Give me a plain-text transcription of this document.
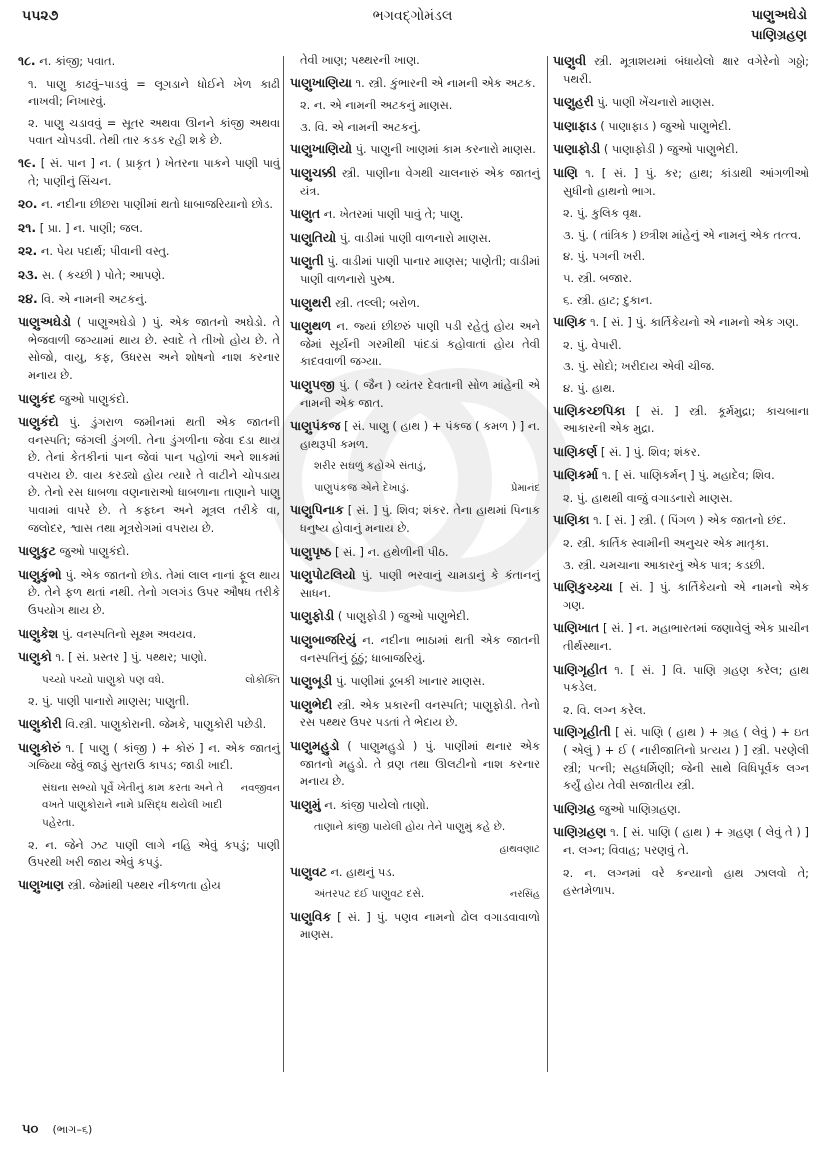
૫૫૨૭	ભગવદ્ગોમંડલ	પાણુઅઘેડો
પાણિગ્રહણ
૧૮. ન. કાંજી; પવાત.
૧. પાણુ કાઢવું–પાડવું = લૂગડાને ધોઈને ખેળ કાઢી નાખવી; નિખારવું.
૨. પાણુ ચડાવવું = સૂતર અથવા ઊનને કાંજી અથવા પવાત ચોપડવી. તેથી તાર કડક રહી શકે છે.
૧૯. [ સં. પાન ] ન. ( પ્રાકૃત ) ખેતરના પાકને પાણી પાવું તે; પાણીનું સિંચન.
૨૦. ન. નદીના છીછરા પાણીમાં થતો ધાબાજરિયાનો છોડ.
૨૧. [ પ્રા. ] ન. પાણી; જલ.
૨૨. ન. પેય પદાર્થ; પીવાની વસ્તુ.
૨૩. સ. ( કચ્છી ) પોતે; આપણે.
૨૪. વિ. એ નામની અટકનું.
પાણુઅઘેડો ( પાણુઅઘેડો ) પું. એક જાતનો અઘેડો. તે ભેજવાળી જગ્યામાં થાય છે. સ્વાદે તે તીખો હોય છે. તે સોજો, વાયુ, કફ, ઉધરસ અને શોષનો નાશ કરનાર મનાય છે.
પાણુકંદ જુઓ પાણુકંદો.
પાણુકંદો પું. ડુંગરાળ જમીનમાં થતી એક જાતની વનસ્પતિ; જંગલી ડુંગળી. તેના ડુંગળીના જેવા દડા થાય છે. તેનાં કેતકીનાં પાન જેવાં પાન પહોળાં અને શાકમાં વપરાય છે. વાય કરડ્યો હોય ત્યારે તે વાટીને ચોપડાય છે. તેનો રસ ધાબળા વણનારાઓ ધાબળાના તાણાને પાણુ પાવામાં વાપરે છે. તે કફઘ્ન અને મૂત્રલ તરીકે વા, જલોદર, શ્વાસ તથા મૂત્રરોગમાં વપરાય છે.
પાણુકુટ જુઓ પાણુકંદો.
પાણુકુંભો પું. એક જાતનો છોડ. તેમાં લાલ નાનાં ફૂલ થાય છે. તેને ફળ થતાં નથી. તેનો ગલગંડ ઉપર ઔષધ તરીકે ઉપયોગ થાય છે.
પાણુકેશ પું. વનસ્પતિનો સૂક્ષ્મ અવયવ.
પાણુકો ૧. [ સં. પ્રસ્તર ] પું. પથ્થર; પાણો.
પચ્યો પચ્યો પાણુકો પણ વધે.	લોકોક્તિ
૨. પું. પાણી પાનારો માણસ; પાણુતી.
પાણુકોરી વિ.સ્ત્રી. પાણુકોરાની. જેમકે, પાણુકોરી પછેડી.
પાણુકોરું ૧. [ પાણુ ( કાંજી ) + કોરું ] ન. એક જાતનું ગજિયા જેવું જાડું સુતરાઉ કાપડ; જાડી ખાદી.
સંઘના સભ્યો પૂર્વે ખેતીનું કામ કરતા અને તે વખતે પાણુકોરાને નામે પ્રસિદ્ધ થયેલી ખાદી પહેરતા.
નવજીવન
૨. ન. જેને ઝટ પાણી લાગે નહિ એવું કપડું; પાણી ઉપરથી ખરી જાય એવું કપડું.
પાણુખાણ સ્ત્રી. જેમાંથી પથ્થર નીકળતા હોય
તેવી ખાણ; પથ્થરની ખાણ.
પાણુખાણિયા ૧. સ્ત્રી. કુંભારની એ નામની એક અટક.
૨. ન. એ નામની અટકનું માણસ.
૩. વિ. એ નામની અટકનું.
પાણુખાણિયો પું. પાણુની ખાણમાં કામ કરનારો માણસ.
પાણુચક્કી સ્ત્રી. પાણીના વેગથી ચાલનારું એક જાતનું યંત્ર.
પાણુત ન. ખેતરમાં પાણી પાવું તે; પાણુ.
પાણુતિયો પું. વાડીમાં પાણી વાળનારો માણસ.
પાણુતી પું. વાડીમાં પાણી પાનાર માણસ; પાણેતી; વાડીમાં પાણી વાળનારો પુરુષ.
પાણુથરી સ્ત્રી. તલ્લી; બરોળ.
પાણુથળ ન. જ્યાં છીછરું પાણી પડી રહેતું હોય અને જેમાં સૂર્યની ગરમીથી પાંદડાં કહોવાતાં હોય તેવી કાદવવાળી જગ્યા.
પાણુપજી પું. ( જૈન ) વ્યંતર દેવતાની સોળ માંહેની એ નામની એક જાત.
પાણુપંકજ [ સં. પાણુ ( હાથ ) + પંકજ ( કમળ ) ] ન. હાથરૂપી કમળ.
શરીર સઘળું કહોએ સંતાડું,
પાણુપંકજ એને દેખાડું.	પ્રેમાનંદ
પાણુપિનાક [ સં. ] પું. શિવ; શંકર. તેના હાથમાં પિનાક ધનુષ્ય હોવાનું મનાય છે.
પાણુપૃષ્ઠ [ સં. ] ન. હથેળીની પીઠ.
પાણુપોટલિયો પું. પાણી ભરવાનું ચામડાનું કે કંતાનનું સાધન.
પાણુફોડી ( પાણુફોડી ) જુઓ પાણુભેદી.
પાણુબાજરિયું ન. નદીના ભાઠામાં થતી એક જાતની વનસ્પતિનું ઠૂંઠું; ધાબાજરિયું.
પાણુબૂડી પું. પાણીમાં ડૂબકી ખાનાર માણસ.
પાણુભેદી સ્ત્રી. એક પ્રકારની વનસ્પતિ; પાણુફોડી. તેનો રસ પથ્થર ઉપર પડતાં તે ભેદાય છે.
પાણુમહુડો ( પાણુમહુડો ) પું. પાણીમાં થનાર એક જાતનો મહુડો. તે વ્રણ તથા ઊલટીનો નાશ કરનાર મનાય છે.
પાણુમું ન. કાંજી પાયેલો તાણો.
તાણાને કાંજી પાયેલી હોય તેને પાણુમું કહે છે.
હાથવણાટ
પાણુવટ ન. હાથનું પડ.
અંતરપટ દઈ પાણુવટ દસે.	નરસિંહ
પાણુવિક [ સં. ] પું. પણવ નામનો ઢોલ વગાડવાવાળો માણસ.
પાણુવી સ્ત્રી. મૂત્રાશયમાં બંધાયેલો ક્ષાર વગેરેનો ગઠ્ઠો; પથરી.
પાણુહરી પું. પાણી ખેંચનારો માણસ.
પાણાફાડ ( પાણાફાડ ) જુઓ પાણુભેદી.
પાણાફોડી ( પાણાફોડી ) જુઓ પાણુભેદી.
પાણિ ૧. [ સં. ] પું. કર; હાથ; કાંડાથી આંગળીઓ સુધીનો હાથનો ભાગ.
૨. પું. કુલિક વૃક્ષ.
૩. પું. ( તાંત્રિક ) છત્રીશ માંહેનું એ નામનું એક તત્ત્વ.
૪. પું. પગની ખરી.
૫. સ્ત્રી. બજાર.
૬. સ્ત્રી. હાટ; દુકાન.
પાણિક ૧. [ સં. ] પું. કાર્તિકેયનો એ નામનો એક ગણ.
૨. પું. વેપારી.
૩. પું. સોદો; ખરીદાય એવી ચીજ.
૪. પું. હાથ.
પાણિકચ્છપિકા [ સં. ] સ્ત્રી. કૂર્મમુદ્રા; કાચબાના આકારની એક મુદ્રા.
પાણિકર્ણ [ સં. ] પું. શિવ; શંકર.
પાણિકર્મા ૧. [ સં. પાણિકર્મન્ ] પું. મહાદેવ; શિવ.
૨. પું. હાથથી વાજું વગાડનારો માણસ.
પાણિકા ૧. [ સં. ] સ્ત્રી. ( પિંગળ ) એક જાતનો છંદ.
૨. સ્ત્રી. કાર્તિક સ્વામીની અનુચર એક માતૃકા.
૩. સ્ત્રી. ચમચાના આકારનું એક પાત્ર; કડછી.
પાણિકુચ્ચ્ર્ચા [ સં. ] પું. કાર્તિકેયનો એ નામનો એક ગણ.
પાણિખાત [ સં. ] ન. મહાભારતમાં જણાવેલું એક પ્રાચીન તીર્થસ્થાન.
પાણિગૃહીત ૧. [ સં. ] વિ. પાણિ ગ્રહણ કરેલ; હાથ પકડેલ.
૨. વિ. લગ્ન કરેલ.
પાણિગૃહીતી [ સં. પાણિ ( હાથ ) + ગ્રહ ( લેવું ) + ઇત ( એલું ) + ઈ ( નારીજાતિનો પ્રત્યય ) ] સ્ત્રી. પરણેલી સ્ત્રી; પત્ની; સહધર્મિણી; જેની સાથે વિધિપૂર્વક લગ્ન કર્યું હોય તેવી સજાતીય સ્ત્રી.
પાણિગ્રહ જુઓ પાણિગ્રહણ.
પાણિગ્રહણ ૧. [ સં. પાણિ ( હાથ ) + ગ્રહણ ( લેવું તે ) ] ન. લગ્ન; વિવાહ; પરણવું તે.
૨. ન. લગ્નમાં વરે કન્યાનો હાથ ઝાલવો તે; હસ્તમેળાપ.
૫૦ (ભાગ–૬)
